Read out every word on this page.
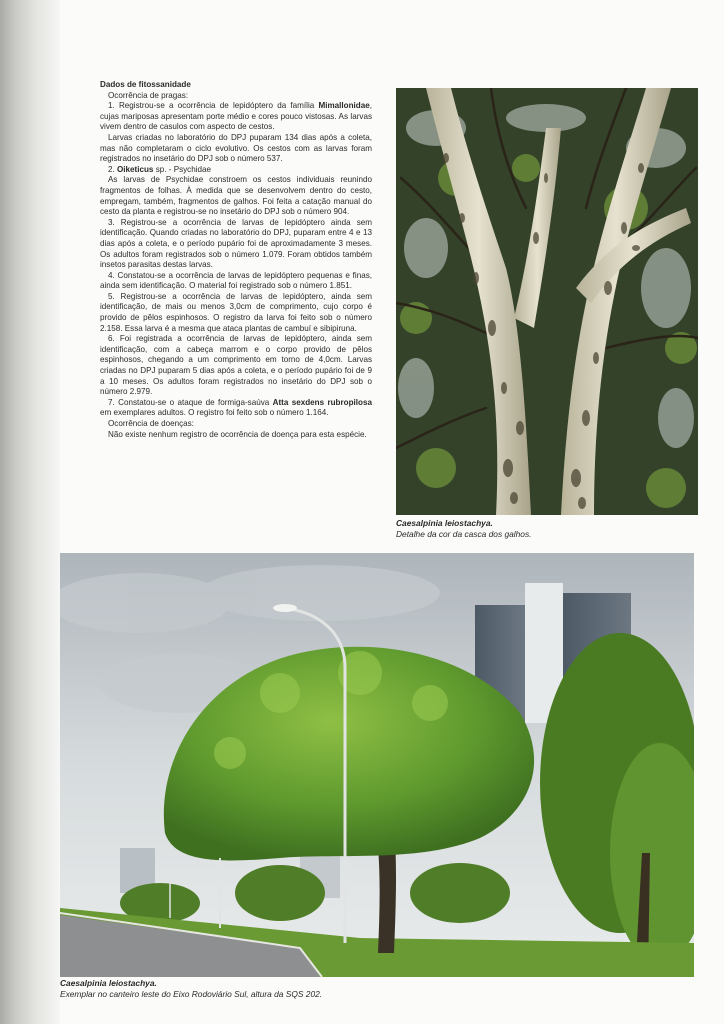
Dados de fitossanidade

Ocorrência de pragas:

1. Registrou-se a ocorrência de lepidóptero da família Mimallonidae, cujas mariposas apresentam porte médio e cores pouco vistosas. As larvas vivem dentro de casulos com aspecto de cestos.

Larvas criadas no laboratório do DPJ puparam 134 dias após a coleta, mas não completaram o ciclo evolutivo. Os cestos com as larvas foram registrados no insetário do DPJ sob o número 537.

2. Oiketicus sp. - Psychidae

As larvas de Psychidae constroem os cestos individuais reunindo fragmentos de folhas. À medida que se desenvolvem dentro do cesto, empregam, também, fragmentos de galhos. Foi feita a catação manual do cesto da planta e registrou-se no insetário do DPJ sob o número 904.

3. Registrou-se a ocorrência de larvas de lepidóptero ainda sem identificação. Quando criadas no laboratório do DPJ, puparam entre 4 e 13 dias após a coleta, e o período pupário foi de aproximadamente 3 meses. Os adultos foram registrados sob o número 1.079. Foram obtidos também insetos parasitas destas larvas.

4. Constatou-se a ocorrência de larvas de lepidóptero pequenas e finas, ainda sem identificação. O material foi registrado sob o número 1.851.

5. Registrou-se a ocorrência de larvas de lepidóptero, ainda sem identificação, de mais ou menos 3,0cm de comprimento, cujo corpo é provido de pêlos espinhosos. O registro da larva foi feito sob o número 2.158. Essa larva é a mesma que ataca plantas de cambuí e sibipiruna.

6. Foi registrada a ocorrência de larvas de lepidóptero, ainda sem identificação, com a cabeça marrom e o corpo provido de pêlos espinhosos, chegando a um comprimento em torno de 4,0cm. Larvas criadas no DPJ puparam 5 dias após a coleta, e o período pupário foi de 9 a 10 meses. Os adultos foram registrados no insetário do DPJ sob o número 2.979.

7. Constatou-se o ataque de formiga-saúva Atta sexdens rubropilosa em exemplares adultos. O registro foi feito sob o número 1.164.

Ocorrência de doenças:

Não existe nenhum registro de ocorrência de doença para esta espécie.

Caesalpinia leiostachya.
Detalhe da cor da casca dos galhos.
Caesalpinia leiostachya.
Exemplar no canteiro leste do Eixo Rodoviário Sul, altura da SQS 202.
